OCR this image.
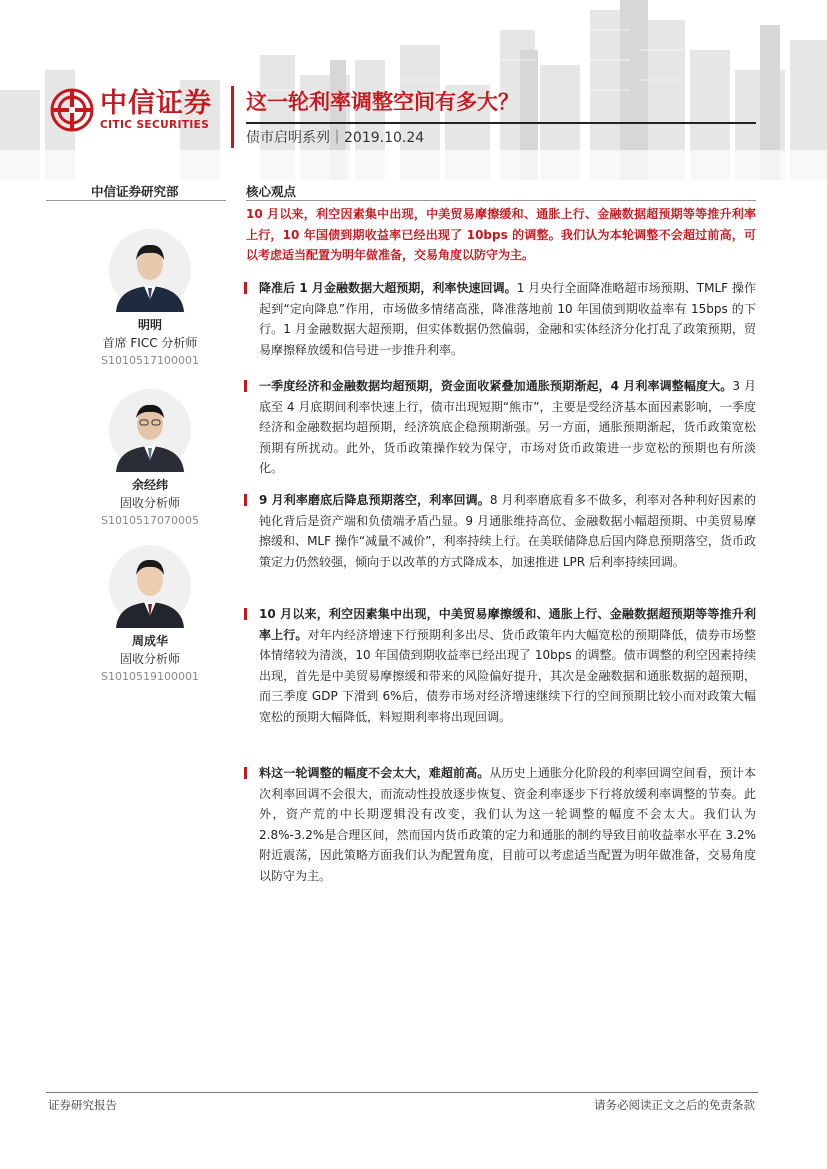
中信证券
CITIC SECURITIES
这一轮利率调整空间有多大？
债市启明系列｜2019.10.24
中信证券研究部	核心观点
10 月以来，利空因素集中出现，中美贸易摩擦缓和、通胀上行、金融数据超预期等等推升利率上行，10 年国债到期收益率已经出现了 10bps 的调整。我们认为本轮调整不会超过前高，可以考虑适当配置为明年做准备，交易角度以防守为主。
明明
首席 FICC 分析师
S1010517100001
余经纬
固收分析师
S1010517070005
周成华
固收分析师
S1010519100001
降准后 1 月金融数据大超预期，利率快速回调。1 月央行全面降准略超市场预期、TMLF 操作起到“定向降息”作用，市场做多情绪高涨，降准落地前 10 年国债到期收益率有 15bps 的下行。1 月金融数据大超预期，但实体数据仍然偏弱，金融和实体经济分化打乱了政策预期，贸易摩擦释放缓和信号进一步推升利率。
一季度经济和金融数据均超预期，资金面收紧叠加通胀预期渐起，4 月利率调整幅度大。3 月底至 4 月底期间利率快速上行，债市出现短期“熊市”，主要是受经济基本面因素影响，一季度经济和金融数据均超预期，经济筑底企稳预期渐强。另一方面，通胀预期渐起，货币政策宽松预期有所扰动。此外，货币政策操作较为保守，市场对货币政策进一步宽松的预期也有所淡化。
9 月利率磨底后降息预期落空，利率回调。8 月利率磨底看多不做多，利率对各种利好因素的钝化背后是资产端和负债端矛盾凸显。9 月通胀维持高位、金融数据小幅超预期、中美贸易摩擦缓和、MLF 操作“减量不减价”，利率持续上行。在美联储降息后国内降息预期落空，货币政策定力仍然较强，倾向于以改革的方式降成本，加速推进 LPR 后利率持续回调。
10 月以来，利空因素集中出现，中美贸易摩擦缓和、通胀上行、金融数据超预期等等推升利率上行。对年内经济增速下行预期利多出尽、货币政策年内大幅宽松的预期降低，债券市场整体情绪较为清淡，10 年国债到期收益率已经出现了 10bps 的调整。债市调整的利空因素持续出现，首先是中美贸易摩擦缓和带来的风险偏好提升，其次是金融数据和通胀数据的超预期，而三季度 GDP 下滑到 6%后，债券市场对经济增速继续下行的空间预期比较小而对政策大幅宽松的预期大幅降低，料短期利率将出现回调。
料这一轮调整的幅度不会太大，难超前高。从历史上通胀分化阶段的利率回调空间看，预计本次利率回调不会很大，而流动性投放逐步恢复、资金利率逐步下行将放缓利率调整的节奏。此外，资产荒的中长期逻辑没有改变，我们认为这一轮调整的幅度不会太大。我们认为 2.8%-3.2%是合理区间，然而国内货币政策的定力和通胀的制约导致目前收益率水平在 3.2%附近震荡，因此策略方面我们认为配置角度，目前可以考虑适当配置为明年做准备，交易角度以防守为主。
证券研究报告	请务必阅读正文之后的免责条款
